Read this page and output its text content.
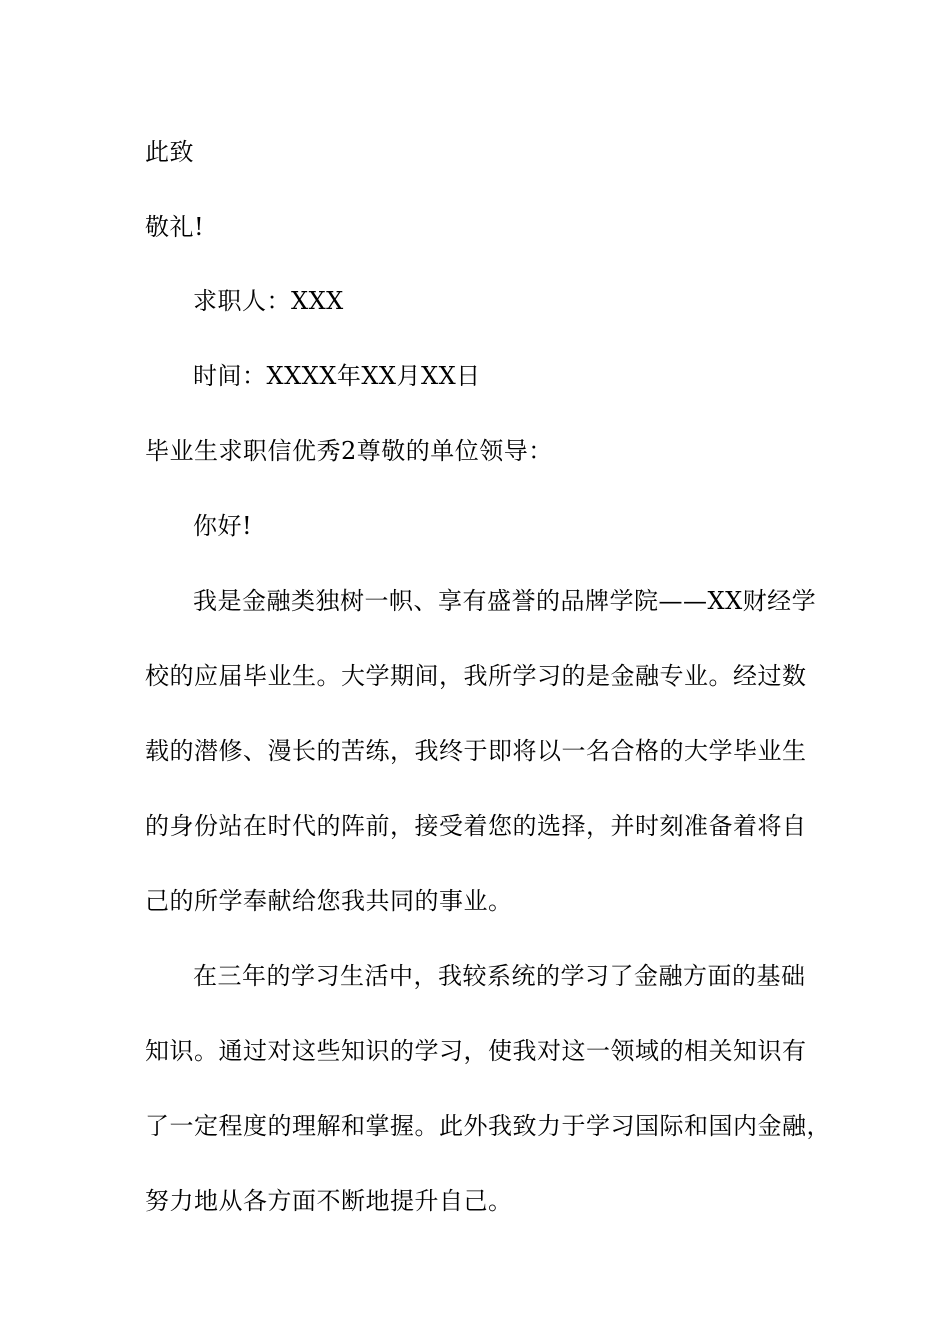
此致
敬礼!
求职人：XXX
时间：XXXX年XX月XX日
毕业生求职信优秀2尊敬的单位领导：
你好!
我是金融类独树一帜、享有盛誉的品牌学院——XX财经学
校的应届毕业生。大学期间，我所学习的是金融专业。经过数
载的潜修、漫长的苦练，我终于即将以一名合格的大学毕业生
的身份站在时代的阵前，接受着您的选择，并时刻准备着将自
己的所学奉献给您我共同的事业。
在三年的学习生活中，我较系统的学习了金融方面的基础
知识。通过对这些知识的学习，使我对这一领域的相关知识有
了一定程度的理解和掌握。此外我致力于学习国际和国内金融，
努力地从各方面不断地提升自己。
